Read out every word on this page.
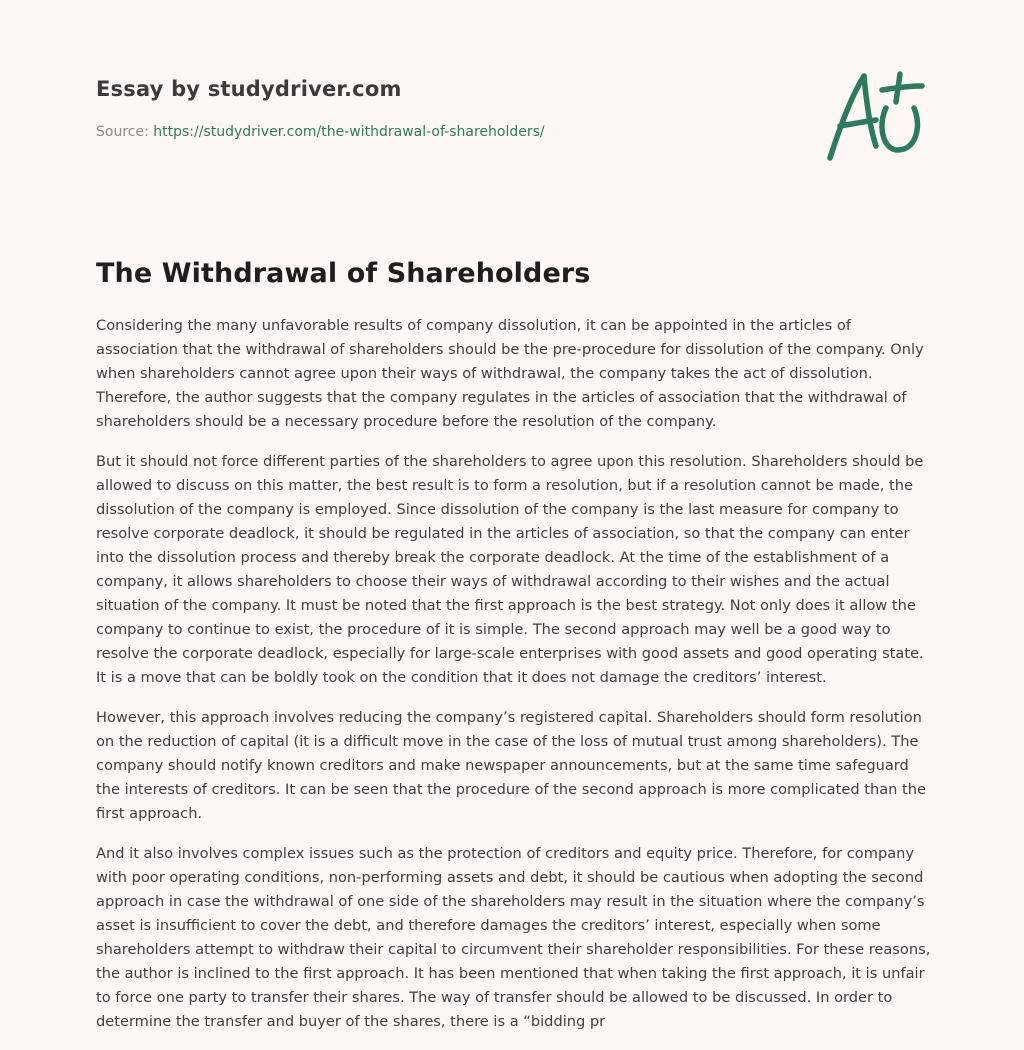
Essay by studydriver.com
Source: https://studydriver.com/the-withdrawal-of-shareholders/
The Withdrawal of Shareholders

Considering the many unfavorable results of company dissolution, it can be appointed in the articles of association that the withdrawal of shareholders should be the pre-procedure for dissolution of the company. Only when shareholders cannot agree upon their ways of withdrawal, the company takes the act of dissolution. Therefore, the author suggests that the company regulates in the articles of association that the withdrawal of shareholders should be a necessary procedure before the resolution of the company.

But it should not force different parties of the shareholders to agree upon this resolution. Shareholders should be allowed to discuss on this matter, the best result is to form a resolution, but if a resolution cannot be made, the dissolution of the company is employed. Since dissolution of the company is the last measure for company to resolve corporate deadlock, it should be regulated in the articles of association, so that the company can enter into the dissolution process and thereby break the corporate deadlock. At the time of the establishment of a company, it allows shareholders to choose their ways of withdrawal according to their wishes and the actual situation of the company. It must be noted that the first approach is the best strategy. Not only does it allow the company to continue to exist, the procedure of it is simple. The second approach may well be a good way to resolve the corporate deadlock, especially for large-scale enterprises with good assets and good operating state. It is a move that can be boldly took on the condition that it does not damage the creditors’ interest.

However, this approach involves reducing the company’s registered capital. Shareholders should form resolution on the reduction of capital (it is a difficult move in the case of the loss of mutual trust among shareholders). The company should notify known creditors and make newspaper announcements, but at the same time safeguard the interests of creditors. It can be seen that the procedure of the second approach is more complicated than the first approach.

And it also involves complex issues such as the protection of creditors and equity price. Therefore, for company with poor operating conditions, non-performing assets and debt, it should be cautious when adopting the second approach in case the withdrawal of one side of the shareholders may result in the situation where the company’s asset is insufficient to cover the debt, and therefore damages the creditors’ interest, especially when some shareholders attempt to withdraw their capital to circumvent their shareholder responsibilities. For these reasons, the author is inclined to the first approach. It has been mentioned that when taking the first approach, it is unfair to force one party to transfer their shares. The way of transfer should be allowed to be discussed. In order to determine the transfer and buyer of the shares, there is a “bidding pr
